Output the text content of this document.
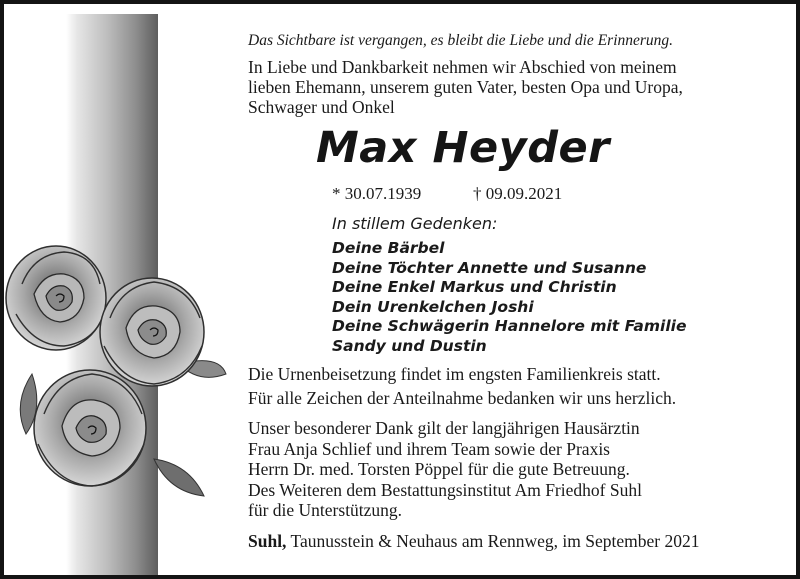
Das Sichtbare ist vergangen, es bleibt die Liebe und die Erinnerung.
In Liebe und Dankbarkeit nehmen wir Abschied von meinem
lieben Ehemann, unserem guten Vater, besten Opa und Uropa,
Schwager und Onkel
Max Heyder
* 30.07.1939	† 09.09.2021
In stillem Gedenken:
Deine Bärbel
Deine Töchter Annette und Susanne
Deine Enkel Markus und Christin
Dein Urenkelchen Joshi
Deine Schwägerin Hannelore mit Familie
Sandy und Dustin
Die Urnenbeisetzung findet im engsten Familienkreis statt.
Für alle Zeichen der Anteilnahme bedanken wir uns herzlich.
Unser besonderer Dank gilt der langjährigen Hausärztin
Frau Anja Schlief und ihrem Team sowie der Praxis
Herrn Dr. med. Torsten Pöppel für die gute Betreuung.
Des Weiteren dem Bestattungsinstitut Am Friedhof Suhl
für die Unterstützung.
Suhl, Taunusstein & Neuhaus am Rennweg, im September 2021
